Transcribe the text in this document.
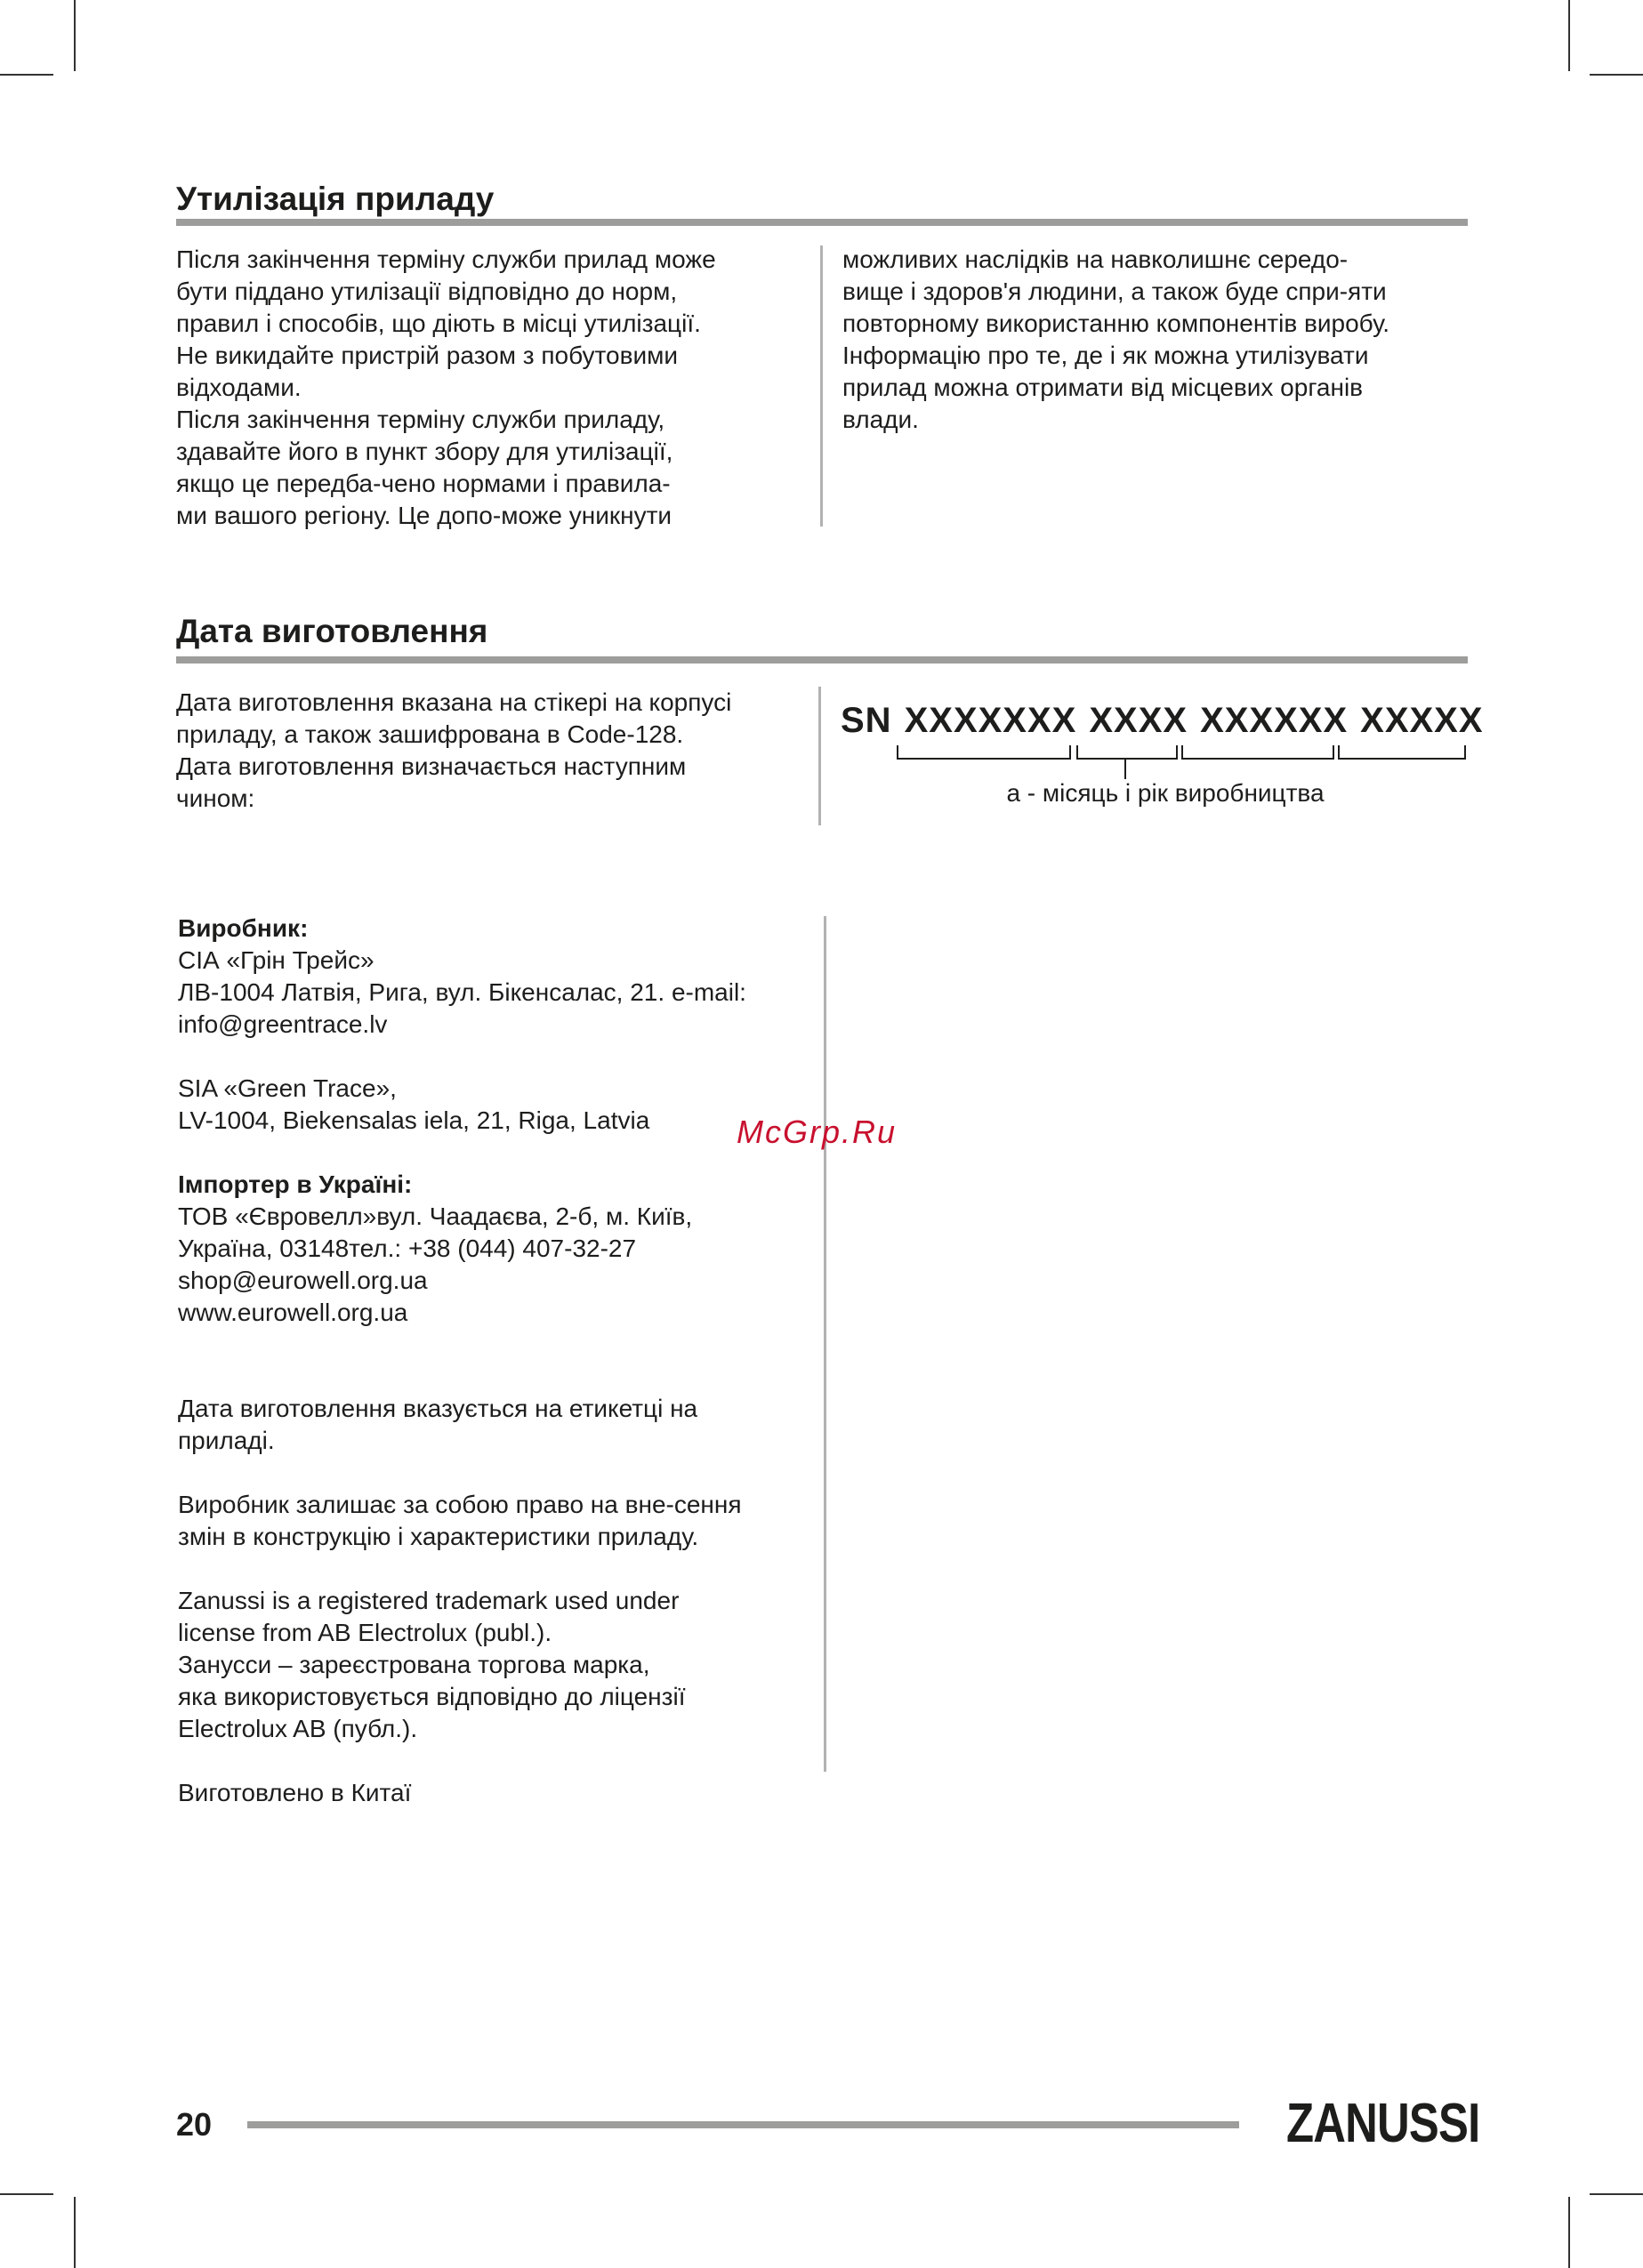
Утилізація приладу

Після закінчення терміну служби прилад може

бути піддано утилізації відповідно до норм,

правил і способів, що діють в місці утилізації.

Не викидайте пристрій разом з побутовими

відходами.

Після закінчення терміну служби приладу,

здавайте його в пункт збору для утилізації,

якщо це передба-чено нормами і правила-

ми вашого регіону. Це допо-може уникнути

можливих наслідків на навколишнє середо-

вище і здоров'я людини, а також буде спри-яти

повторному використанню компонентів виробу.

Інформацію про те, де і як можна утилізувати

прилад можна отримати від місцевих органів

влади.

Дата виготовлення

Дата виготовлення вказана на стікері на корпусі

приладу, а також зашифрована в Code-128.

Дата виготовлення визначається наступним

чином:

SN XXXXXXX XXXX XXXXXX XXXXX
а - місяць і рік виробництва

Виробник:

СІА «Грін Трейс»

ЛВ-1004 Латвія, Рига, вул. Бікенсалас, 21. e-mail:

info@greentrace.lv

SIA «Green Trace»,

LV-1004, Biekensalas iela, 21, Riga, Latvia

Імпортер в Україні:

ТОВ «Євровелл»вул. Чаадаєва, 2-б, м. Київ,

Україна, 03148тел.: +38 (044) 407-32-27

shop@eurowell.org.ua

www.eurowell.org.ua

Дата виготовлення вказується на етикетці на

приладі.

Виробник залишає за собою право на вне-сення

змін в конструкцію і характеристики приладу.

Zanussi is a registered trademark used under

license from AB Electrolux (publ.).

Занусси – зареєстрована торгова марка,

яка використовується відповідно до ліцензії

Electrolux AB (публ.).

Виготовлено в Китаї

McGrp.Ru
20	ZANUSSI
